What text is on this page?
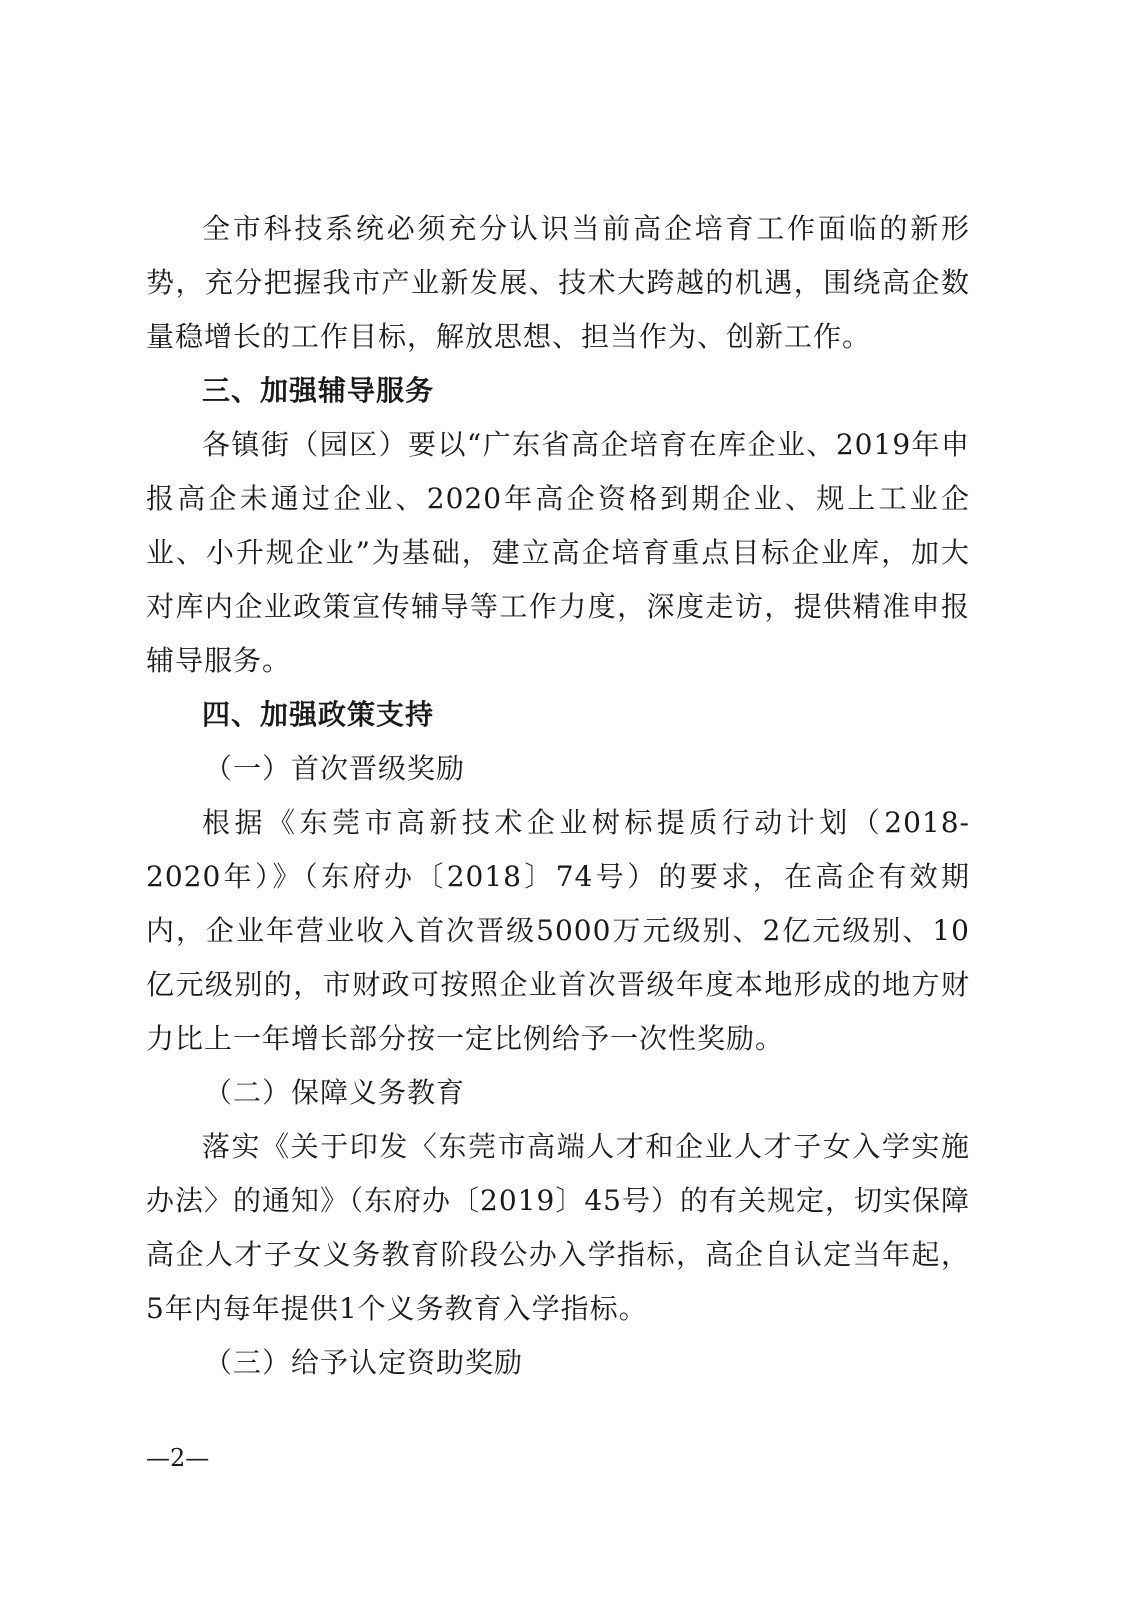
全市科技系统必须充分认识当前高企培育工作面临的新形势，充分把握我市产业新发展、技术大跨越的机遇，围绕高企数量稳增长的工作目标，解放思想、担当作为、创新工作。

三、加强辅导服务

各镇街（园区）要以“广东省高企培育在库企业、2019年申报高企未通过企业、2020年高企资格到期企业、规上工业企业、小升规企业”为基础，建立高企培育重点目标企业库，加大对库内企业政策宣传辅导等工作力度，深度走访，提供精准申报辅导服务。

四、加强政策支持

（一）首次晋级奖励

根据《东莞市高新技术企业树标提质行动计划（2018-2020年）》（东府办〔2018〕74号）的要求，在高企有效期内，企业年营业收入首次晋级5000万元级别、2亿元级别、10亿元级别的，市财政可按照企业首次晋级年度本地形成的地方财力比上一年增长部分按一定比例给予一次性奖励。

（二）保障义务教育

落实《关于印发〈东莞市高端人才和企业人才子女入学实施办法〉的通知》（东府办〔2019〕45号）的有关规定，切实保障高企人才子女义务教育阶段公办入学指标，高企自认定当年起，5年内每年提供1个义务教育入学指标。

（三）给予认定资助奖励

—2—
